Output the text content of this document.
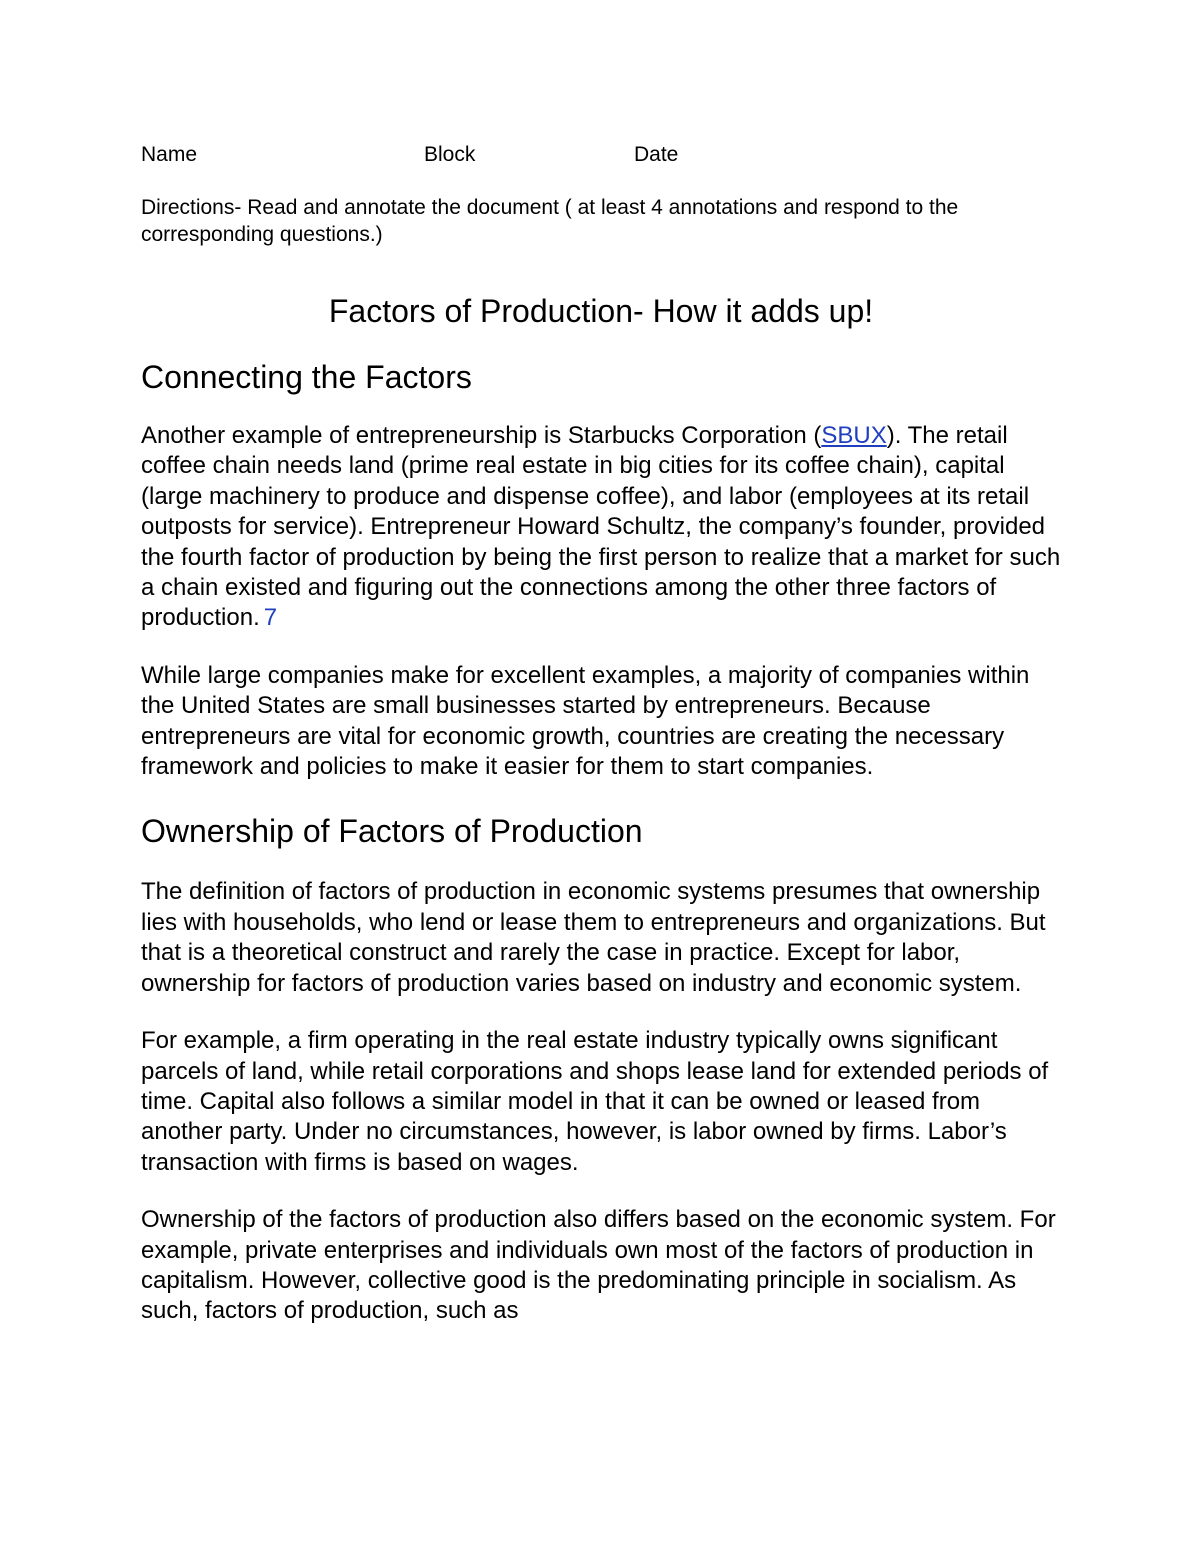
Name	Block	Date

Directions- Read and annotate the document ( at least 4 annotations and respond to the corresponding questions.)

Factors of Production- How it adds up!
Connecting the Factors

Another example of entrepreneurship is Starbucks Corporation (SBUX). The retail coffee chain needs land (prime real estate in big cities for its coffee chain), capital (large machinery to produce and dispense coffee), and labor (employees at its retail outposts for service). Entrepreneur Howard Schultz, the company’s founder, provided the fourth factor of production by being the first person to realize that a market for such a chain existed and figuring out the connections among the other three factors of production. 7

While large companies make for excellent examples, a majority of companies within the United States are small businesses started by entrepreneurs. Because entrepreneurs are vital for economic growth, countries are creating the necessary framework and policies to make it easier for them to start companies.

Ownership of Factors of Production

The definition of factors of production in economic systems presumes that ownership lies with households, who lend or lease them to entrepreneurs and organizations. But that is a theoretical construct and rarely the case in practice. Except for labor, ownership for factors of production varies based on industry and economic system.

For example, a firm operating in the real estate industry typically owns significant parcels of land, while retail corporations and shops lease land for extended periods of time. Capital also follows a similar model in that it can be owned or leased from another party. Under no circumstances, however, is labor owned by firms. Labor’s transaction with firms is based on wages.

Ownership of the factors of production also differs based on the economic system. For example, private enterprises and individuals own most of the factors of production in capitalism. However, collective good is the predominating principle in socialism. As such, factors of production, such as
